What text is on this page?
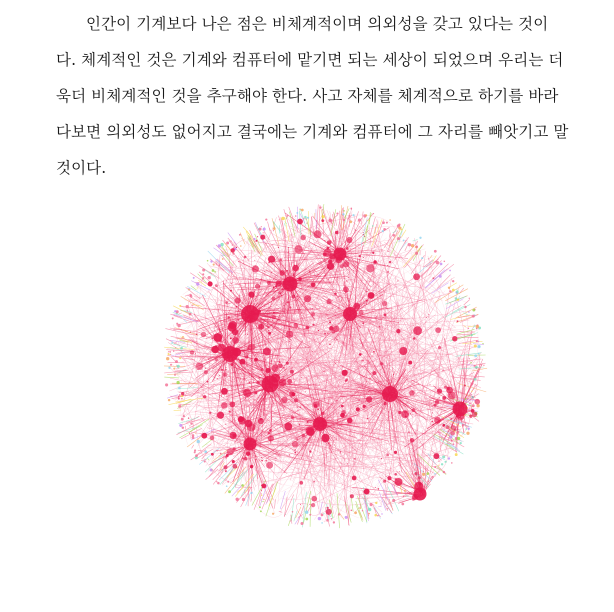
인간이 기계보다 나은 점은 비체계적이며 의외성을 갖고 있다는 것이
다. 체계적인 것은 기계와 컴퓨터에 맡기면 되는 세상이 되었으며 우리는 더
욱더 비체계적인 것을 추구해야 한다. 사고 자체를 체계적으로 하기를 바라
다보면 의외성도 없어지고 결국에는 기계와 컴퓨터에 그 자리를 빼앗기고 말
것이다.
